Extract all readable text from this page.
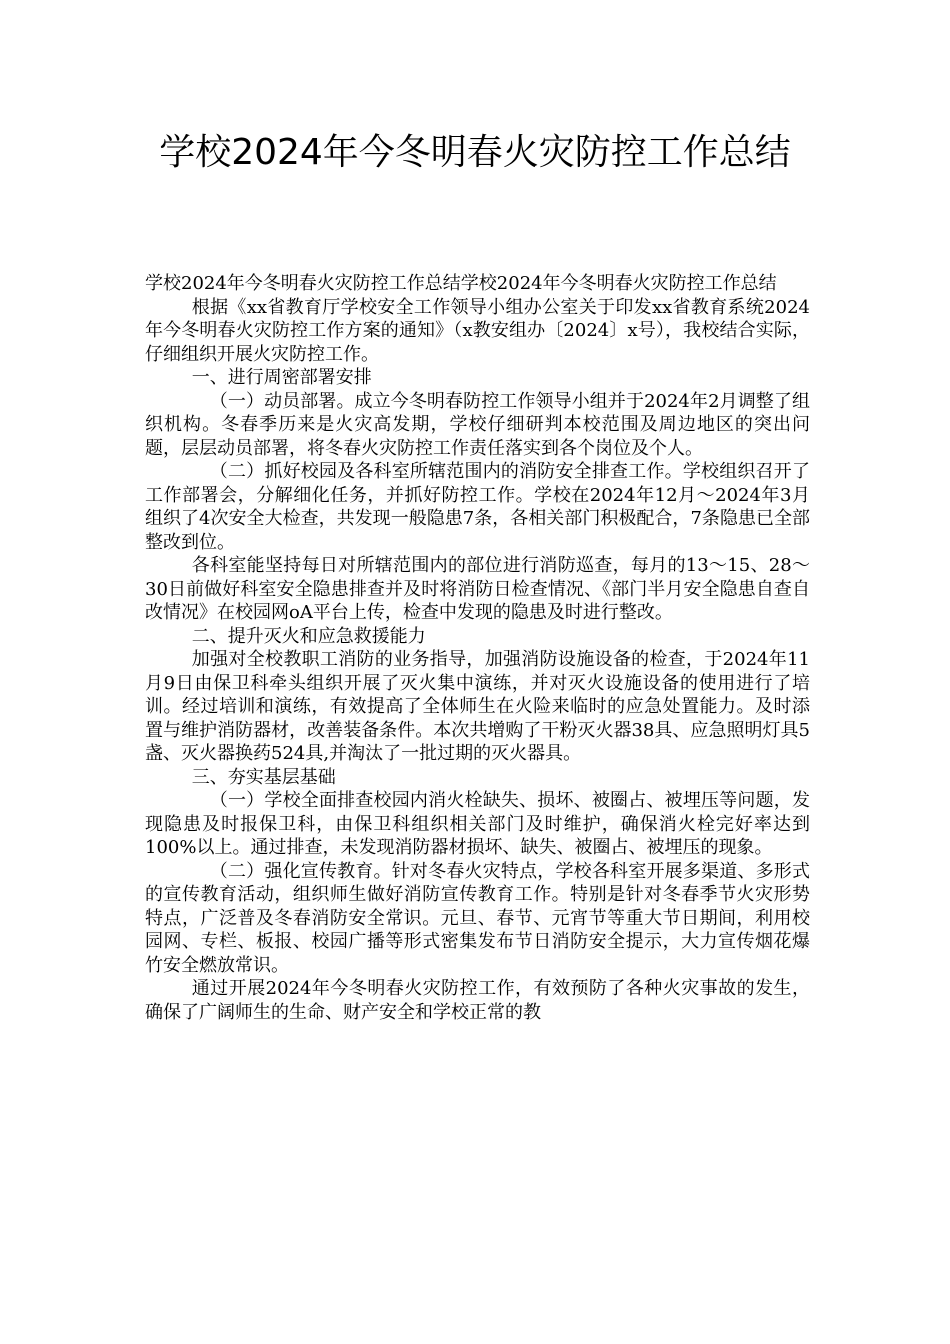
学校2024年今冬明春火灾防控工作总结

学校2024年今冬明春火灾防控工作总结学校2024年今冬明春火灾防控工作总结

根据《xx省教育厅学校安全工作领导小组办公室关于印发xx省教育系统2024年今冬明春火灾防控工作方案的通知》（x教安组办〔2024〕x号），我校结合实际，仔细组织开展火灾防控工作。

一、进行周密部署安排

（一）动员部署。成立今冬明春防控工作领导小组并于2024年2月调整了组织机构。冬春季历来是火灾高发期，学校仔细研判本校范围及周边地区的突出问题，层层动员部署，将冬春火灾防控工作责任落实到各个岗位及个人。

（二）抓好校园及各科室所辖范围内的消防安全排查工作。学校组织召开了工作部署会，分解细化任务，并抓好防控工作。学校在2024年12月～2024年3月组织了4次安全大检查，共发现一般隐患7条，各相关部门积极配合，7条隐患已全部整改到位。

各科室能坚持每日对所辖范围内的部位进行消防巡查，每月的13～15、28～30日前做好科室安全隐患排查并及时将消防日检查情况、《部门半月安全隐患自查自改情况》在校园网oA平台上传，检查中发现的隐患及时进行整改。

二、提升灭火和应急救援能力

加强对全校教职工消防的业务指导，加强消防设施设备的检查，于2024年11月9日由保卫科牵头组织开展了灭火集中演练，并对灭火设施设备的使用进行了培训。经过培训和演练，有效提高了全体师生在火险来临时的应急处置能力。及时添置与维护消防器材，改善装备条件。本次共增购了干粉灭火器38具、应急照明灯具5盏、灭火器换药524具,并淘汰了一批过期的灭火器具。

三、夯实基层基础

（一）学校全面排查校园内消火栓缺失、损坏、被圈占、被埋压等问题，发现隐患及时报保卫科，由保卫科组织相关部门及时维护，确保消火栓完好率达到100%以上。通过排查，未发现消防器材损坏、缺失、被圈占、被埋压的现象。

（二）强化宣传教育。针对冬春火灾特点，学校各科室开展多渠道、多形式的宣传教育活动，组织师生做好消防宣传教育工作。特别是针对冬春季节火灾形势特点，广泛普及冬春消防安全常识。元旦、春节、元宵节等重大节日期间，利用校园网、专栏、板报、校园广播等形式密集发布节日消防安全提示，大力宣传烟花爆竹安全燃放常识。

通过开展2024年今冬明春火灾防控工作，有效预防了各种火灾事故的发生，确保了广阔师生的生命、财产安全和学校正常的教
